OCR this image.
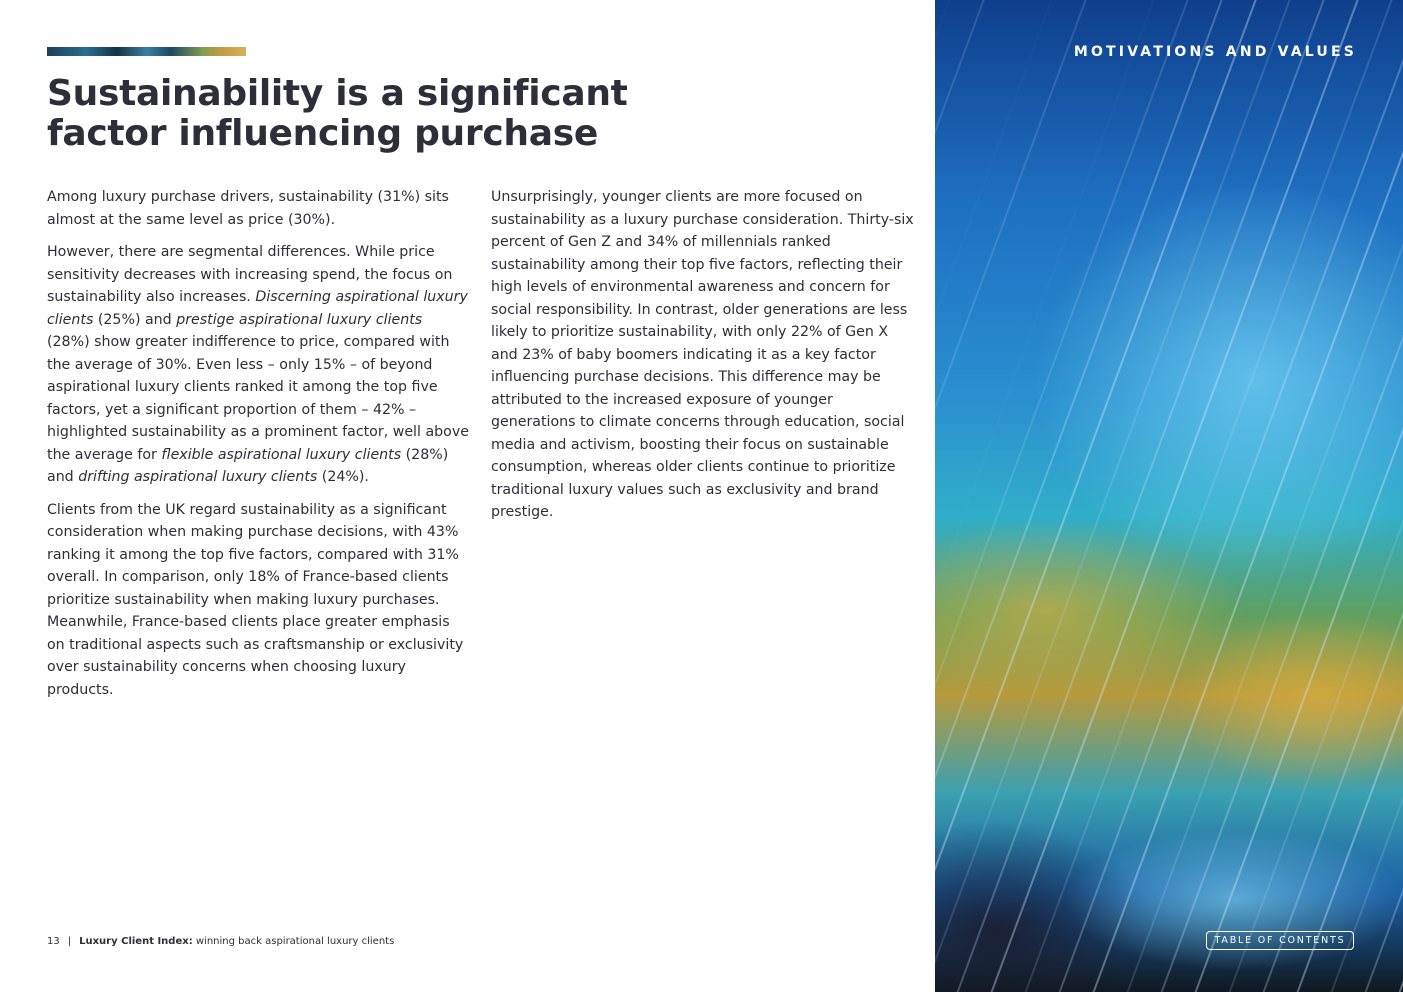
Sustainability is a significant factor influencing purchase

Among luxury purchase drivers, sustainability (31%) sits almost at the same level as price (30%).

However, there are segmental differences. While price sensitivity decreases with increasing spend, the focus on sustainability also increases. Discerning aspirational luxury clients (25%) and prestige aspirational luxury clients (28%) show greater indifference to price, compared with the average of 30%. Even less – only 15% – of beyond aspirational luxury clients ranked it among the top five factors, yet a significant proportion of them – 42% – highlighted sustainability as a prominent factor, well above the average for flexible aspirational luxury clients (28%) and drifting aspirational luxury clients (24%).

Clients from the UK regard sustainability as a significant consideration when making purchase decisions, with 43% ranking it among the top five factors, compared with 31% overall. In comparison, only 18% of France-based clients prioritize sustainability when making luxury purchases. Meanwhile, France-based clients place greater emphasis on traditional aspects such as craftsmanship or exclusivity over sustainability concerns when choosing luxury products.

Unsurprisingly, younger clients are more focused on sustainability as a luxury purchase consideration. Thirty-six percent of Gen Z and 34% of millennials ranked sustainability among their top five factors, reflecting their high levels of environmental awareness and concern for social responsibility. In contrast, older generations are less likely to prioritize sustainability, with only 22% of Gen X and 23% of baby boomers indicating it as a key factor influencing purchase decisions. This difference may be attributed to the increased exposure of younger generations to climate concerns through education, social media and activism, boosting their focus on sustainable consumption, whereas older clients continue to prioritize traditional luxury values such as exclusivity and brand prestige.

13 | Luxury Client Index: winning back aspirational luxury clients
MOTIVATIONS AND VALUES
TABLE OF CONTENTS
